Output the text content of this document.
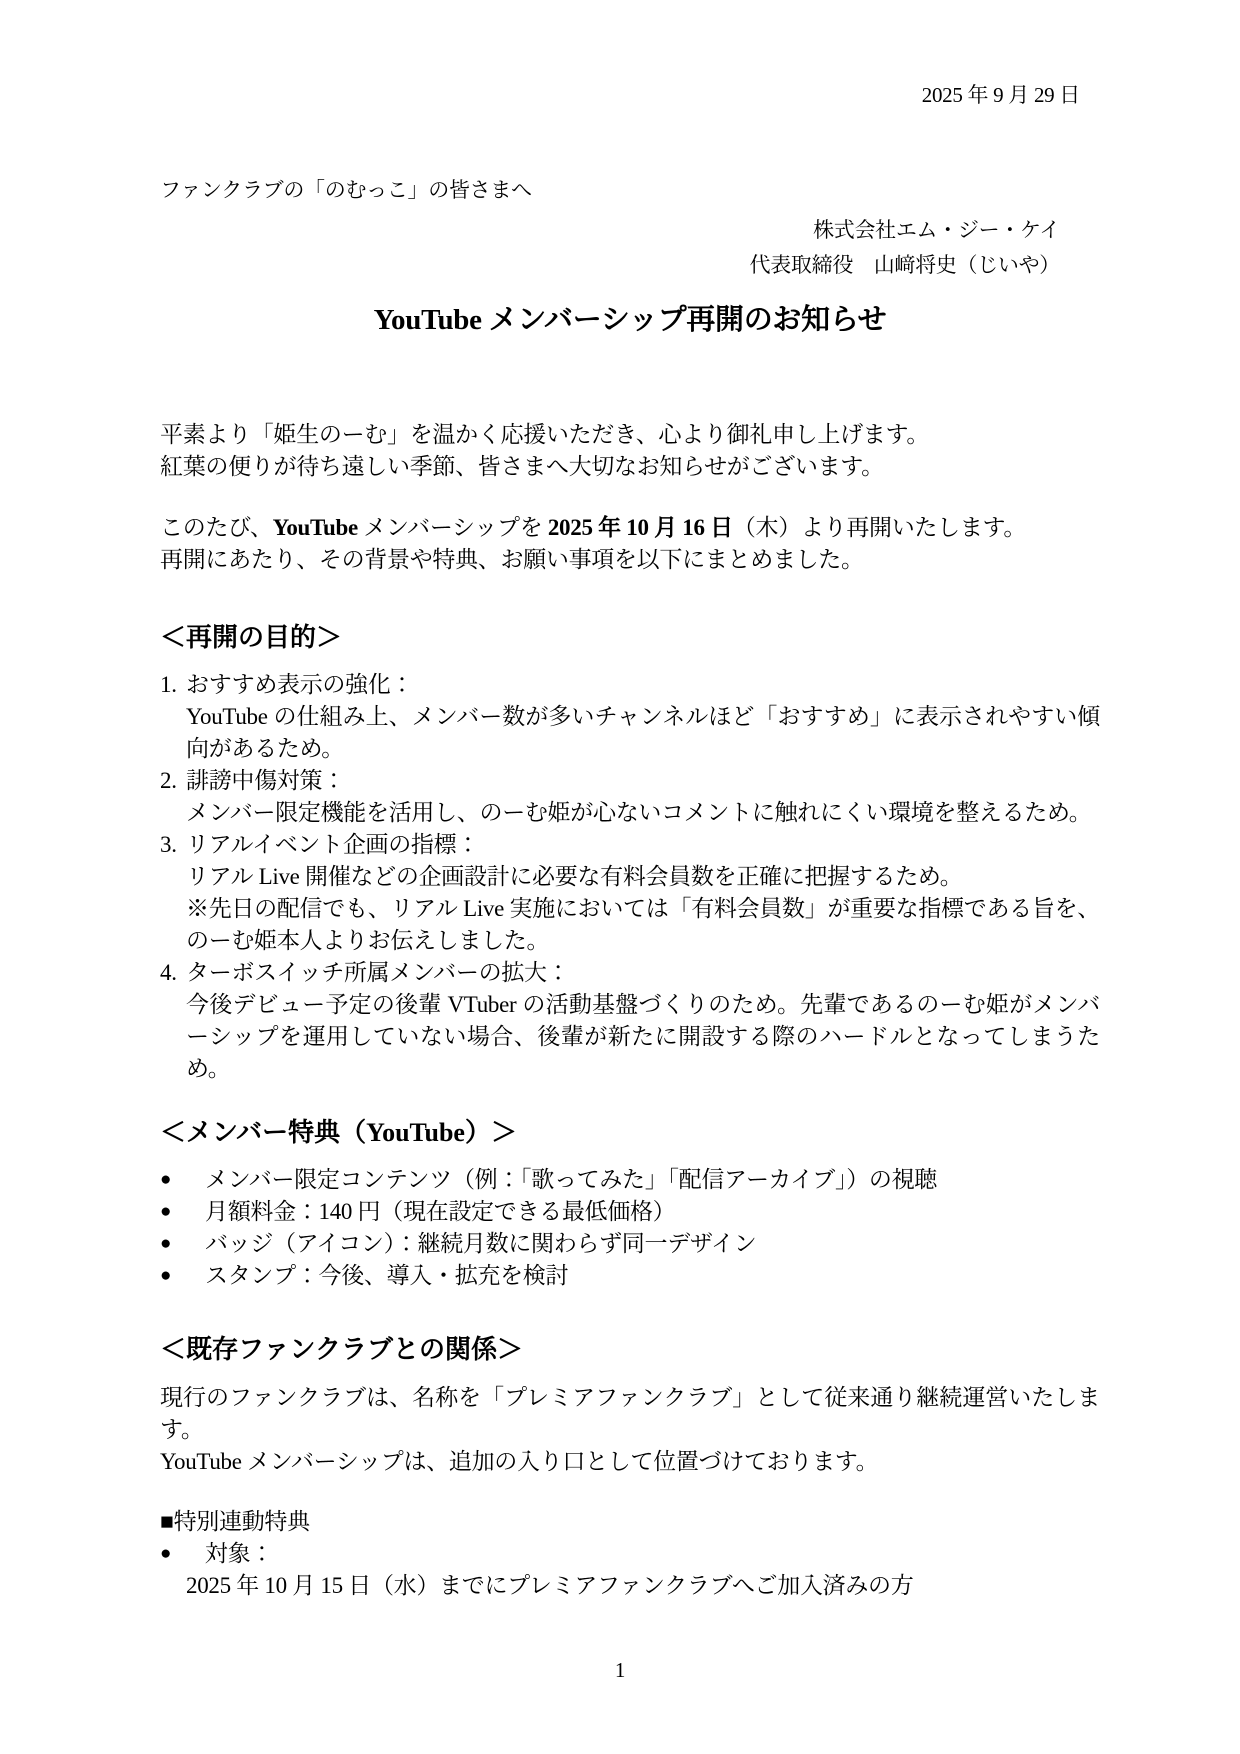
2025 年 9 月 29 日
ファンクラブの「のむっこ」の皆さまへ
株式会社エム・ジー・ケイ
代表取締役　山﨑将史（じいや）
YouTube メンバーシップ再開のお知らせ
平素より「姫生のーむ」を温かく応援いただき、心より御礼申し上げます。
紅葉の便りが待ち遠しい季節、皆さまへ大切なお知らせがございます。
このたび、YouTube メンバーシップを 2025 年 10 月 16 日（木）より再開いたします。
再開にあたり、その背景や特典、お願い事項を以下にまとめました。
＜再開の目的＞
1. おすすめ表示の強化：
YouTube の仕組み上、メンバー数が多いチャンネルほど「おすすめ」に表示されやすい傾向があるため。
2. 誹謗中傷対策：
メンバー限定機能を活用し、のーむ姫が心ないコメントに触れにくい環境を整えるため。
3. リアルイベント企画の指標：
リアル Live 開催などの企画設計に必要な有料会員数を正確に把握するため。
※先日の配信でも、リアル Live 実施においては「有料会員数」が重要な指標である旨を、のーむ姫本人よりお伝えしました。
4. ターボスイッチ所属メンバーの拡大：
今後デビュー予定の後輩 VTuber の活動基盤づくりのため。先輩であるのーむ姫がメンバーシップを運用していない場合、後輩が新たに開設する際のハードルとなってしまうため。
＜メンバー特典（YouTube）＞
●	メンバー限定コンテンツ（例：「歌ってみた」「配信アーカイブ」）の視聴
●	月額料金：140 円（現在設定できる最低価格）
●	バッジ（アイコン）：継続月数に関わらず同一デザイン
●	スタンプ：今後、導入・拡充を検討
＜既存ファンクラブとの関係＞
現行のファンクラブは、名称を「プレミアファンクラブ」として従来通り継続運営いたします。
YouTube メンバーシップは、追加の入り口として位置づけております。
■特別連動特典
●	対象：
2025 年 10 月 15 日（水）までにプレミアファンクラブへご加入済みの方
1
